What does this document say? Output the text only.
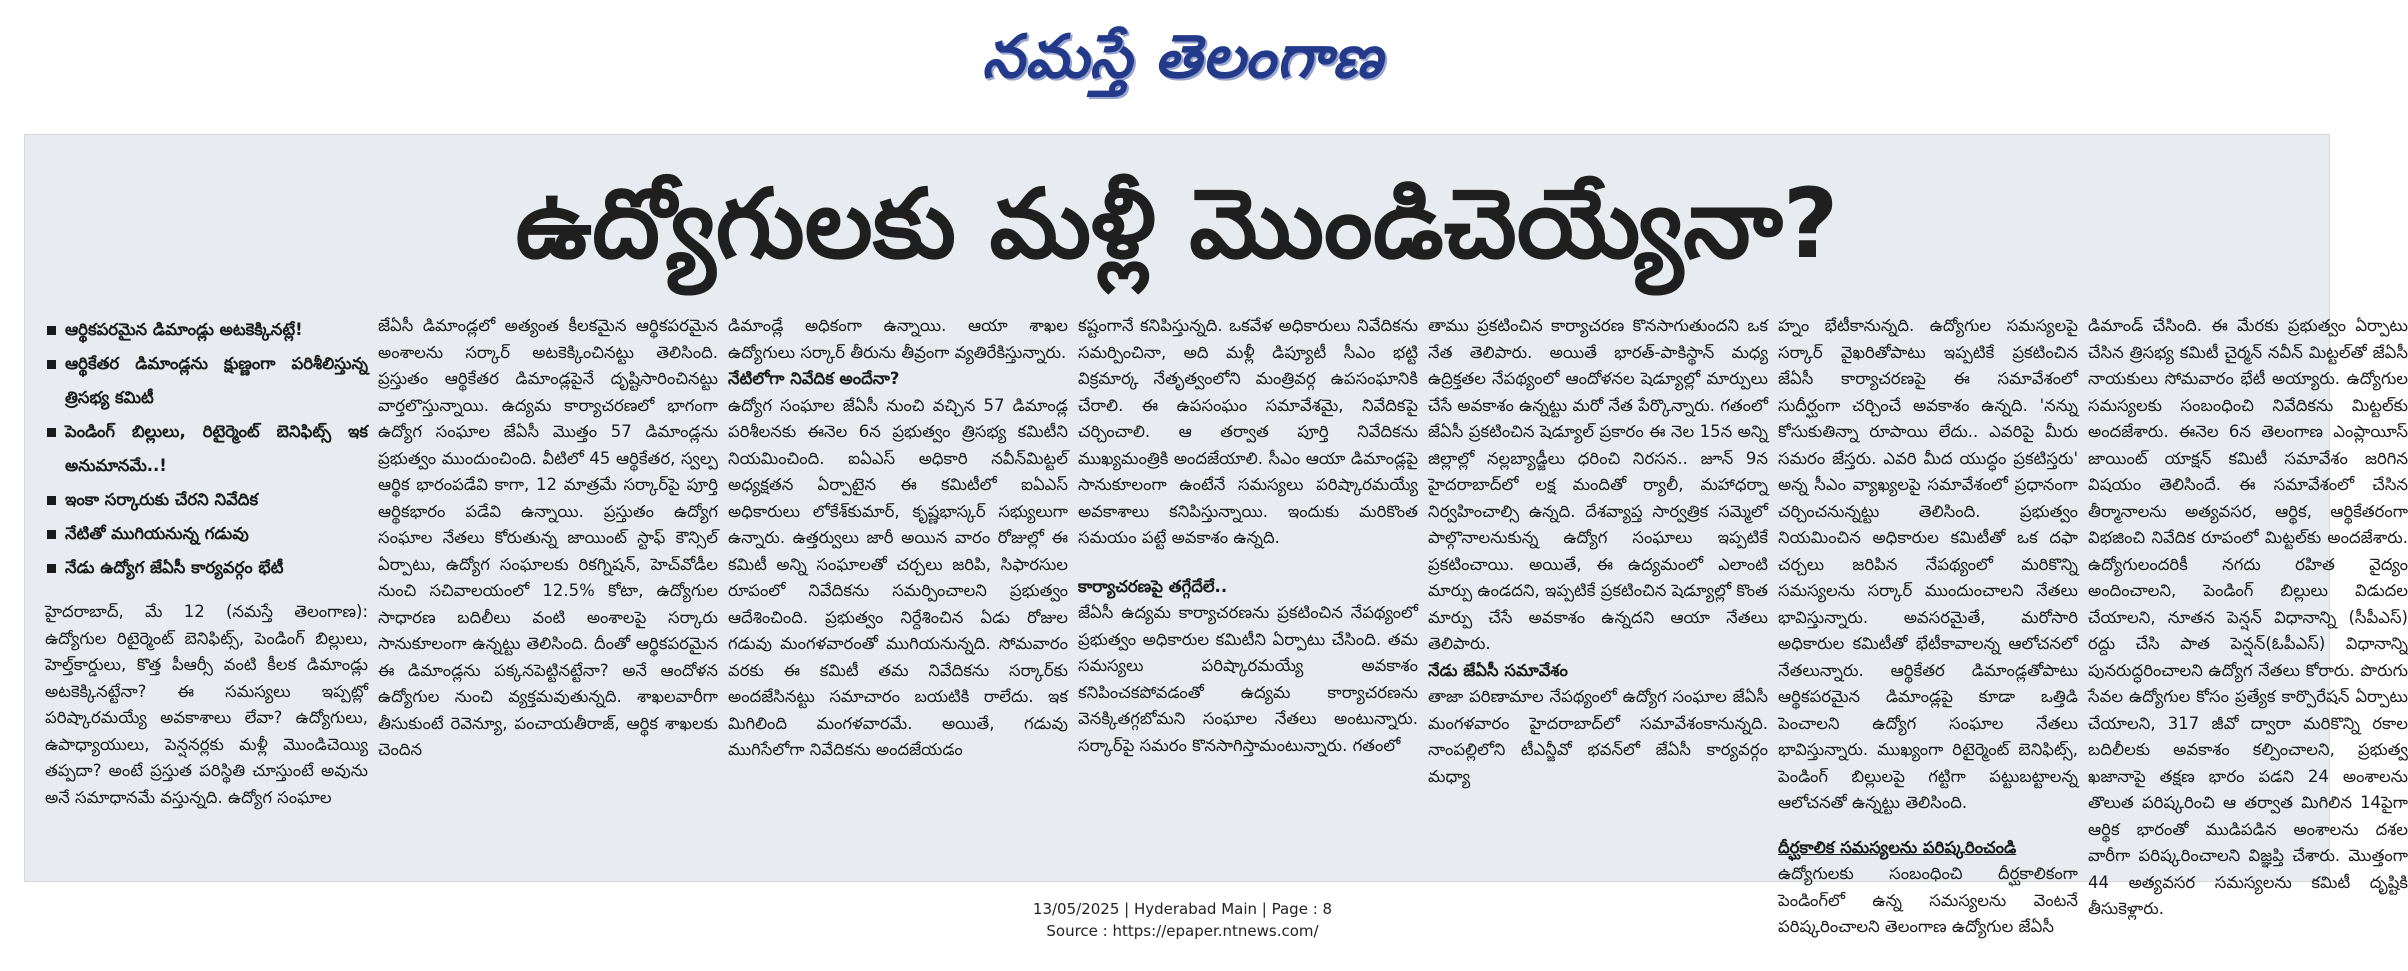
నమస్తే తెలంగాణ
ఉద్యోగులకు మళ్లీ మొండిచెయ్యేనా?
ఆర్థికపరమైన డిమాండ్లు అటకెక్కినట్లే!
ఆర్థికేతర డిమాండ్లను క్షుణ్ణంగా పరిశీలిస్తున్న త్రిసభ్య కమిటీ
పెండింగ్ బిల్లులు, రిటైర్మెంట్ బెనిఫిట్స్ ఇక అనుమానమే..!
ఇంకా సర్కారుకు చేరని నివేదిక
నేటితో ముగియనున్న గడువు
నేడు ఉద్యోగ జేఏసీ కార్యవర్గం భేటీ

హైదరాబాద్, మే 12 (నమస్తే తెలంగాణ): ఉద్యోగుల రిటైర్మెంట్ బెనిఫిట్స్, పెండింగ్ బిల్లులు, హెల్త్‌కార్డులు, కొత్త పీఆర్సీ వంటి కీలక డిమాండ్లు అటకెక్కినట్టేనా? ఈ సమస్యలు ఇప్పట్లో పరిష్కారమయ్యే అవకాశాలు లేవా? ఉద్యోగులు, ఉపాధ్యాయులు, పెన్షనర్లకు మళ్లీ మొండిచెయ్యి తప్పదా? అంటే ప్రస్తుత పరిస్థితి చూస్తుంటే అవును అనే సమాధానమే వస్తున్నది. ఉద్యోగ సంఘాల

జేఏసీ డిమాండ్లలో అత్యంత కీలకమైన ఆర్థికపరమైన అంశాలను సర్కార్ అటకెక్కించినట్టు తెలిసింది. ప్రస్తుతం ఆర్థికేతర డిమాండ్లపైనే దృష్టిసారించినట్టు వార్తలొస్తున్నాయి. ఉద్యమ కార్యాచరణలో భాగంగా ఉద్యోగ సంఘాల జేఏసీ మొత్తం 57 డిమాండ్లను ప్రభుత్వం ముందుంచింది. వీటిలో 45 ఆర్థికేతర, స్వల్ప ఆర్థిక భారంపడేవి కాగా, 12 మాత్రమే సర్కార్‌పై పూర్తి ఆర్థికభారం పడేవి ఉన్నాయి. ప్రస్తుతం ఉద్యోగ సంఘాల నేతలు కోరుతున్న జాయింట్ స్టాఫ్ కౌన్సిల్ ఏర్పాటు, ఉద్యోగ సంఘాలకు రికగ్నిషన్, హెచ్‌వోడీల నుంచి సచివాలయంలో 12.5% కోటా, ఉద్యోగుల సాధారణ బదిలీలు వంటి అంశాలపై సర్కారు సానుకూలంగా ఉన్నట్టు తెలిసింది. దీంతో ఆర్థికపరమైన ఈ డిమాండ్లను పక్కనపెట్టినట్టేనా? అనే ఆందోళన ఉద్యోగుల నుంచి వ్యక్తమవుతున్నది. శాఖలవారీగా తీసుకుంటే రెవెన్యూ, పంచాయతీరాజ్, ఆర్థిక శాఖలకు చెందిన

డిమాండ్లే అధికంగా ఉన్నాయి. ఆయా శాఖల ఉద్యోగులు సర్కార్ తీరును తీవ్రంగా వ్యతిరేకిస్తున్నారు.

నేటిలోగా నివేదిక అందేనా?

ఉద్యోగ సంఘాల జేఏసీ నుంచి వచ్చిన 57 డిమాండ్ల పరిశీలనకు ఈనెల 6న ప్రభుత్వం త్రిసభ్య కమిటీని నియమించింది. ఐఏఎస్ అధికారి నవీన్‌మిట్టల్ అధ్యక్షతన ఏర్పాటైన ఈ కమిటీలో ఐఏఎస్ అధికారులు లోకేశ్‌కుమార్, కృష్ణభాస్కర్ సభ్యులుగా ఉన్నారు. ఉత్తర్వులు జారీ అయిన వారం రోజుల్లో ఈ కమిటీ అన్ని సంఘాలతో చర్చలు జరిపి, సిఫారసుల రూపంలో నివేదికను సమర్పించాలని ప్రభుత్వం ఆదేశించింది. ప్రభుత్వం నిర్దేశించిన ఏడు రోజుల గడువు మంగళవారంతో ముగియనున్నది. సోమవారం వరకు ఈ కమిటీ తమ నివేదికను సర్కార్‌కు అందజేసినట్టు సమాచారం బయటికి రాలేదు. ఇక మిగిలింది మంగళవారమే. అయితే, గడువు ముగిసేలోగా నివేదికను అందజేయడం

కష్టంగానే కనిపిస్తున్నది. ఒకవేళ అధికారులు నివేదికను సమర్పించినా, అది మళ్లీ డిప్యూటీ సీఎం భట్టి విక్రమార్క నేతృత్వంలోని మంత్రివర్గ ఉపసంఘానికి చేరాలి. ఈ ఉపసంఘం సమావేశమై, నివేదికపై చర్చించాలి. ఆ తర్వాత పూర్తి నివేదికను ముఖ్యమంత్రికి అందజేయాలి. సీఎం ఆయా డిమాండ్లపై సానుకూలంగా ఉంటేనే సమస్యలు పరిష్కారమయ్యే అవకాశాలు కనిపిస్తున్నాయి. ఇందుకు మరికొంత సమయం పట్టే అవకాశం ఉన్నది.

కార్యాచరణపై తగ్గేదేలే..

జేఏసీ ఉద్యమ కార్యాచరణను ప్రకటించిన నేపథ్యంలో ప్రభుత్వం అధికారుల కమిటీని ఏర్పాటు చేసింది. తమ సమస్యలు పరిష్కారమయ్యే అవకాశం కనిపించకపోవడంతో ఉద్యమ కార్యాచరణను వెనక్కితగ్గబోమని సంఘాల నేతలు అంటున్నారు. సర్కార్‌పై సమరం కొనసాగిస్తామంటున్నారు. గతంలో

తాము ప్రకటించిన కార్యాచరణ కొనసాగుతుందని ఒక నేత తెలిపారు. అయితే భారత్-పాకిస్థాన్ మధ్య ఉద్రిక్తతల నేపథ్యంలో ఆందోళనల షెడ్యూల్లో మార్పులు చేసే అవకాశం ఉన్నట్టు మరో నేత పేర్కొన్నారు. గతంలో జేఏసీ ప్రకటించిన షెడ్యూల్ ప్రకారం ఈ నెల 15న అన్ని జిల్లాల్లో నల్లబ్యాడ్జీలు ధరించి నిరసన.. జూన్ 9న హైదరాబాద్‌లో లక్ష మందితో ర్యాలీ, మహాధర్నా నిర్వహించాల్సి ఉన్నది. దేశవ్యాప్త సార్వత్రిక సమ్మెలో పాల్గొనాలనుకున్న ఉద్యోగ సంఘాలు ఇప్పటికే ప్రకటించాయి. అయితే, ఈ ఉద్యమంలో ఎలాంటి మార్పు ఉండదని, ఇప్పటికే ప్రకటించిన షెడ్యూల్లో కొంత మార్పు చేసే అవకాశం ఉన్నదని ఆయా నేతలు తెలిపారు.

నేడు జేఏసీ సమావేశం

తాజా పరిణామాల నేపథ్యంలో ఉద్యోగ సంఘాల జేఏసీ మంగళవారం హైదరాబాద్‌లో సమావేశంకానున్నది. నాంపల్లిలోని టీఎన్జీవో భవన్‌లో జేఏసీ కార్యవర్గం మధ్యా

హ్నం భేటీకానున్నది. ఉద్యోగుల సమస్యలపై సర్కార్ వైఖరితోపాటు ఇప్పటికే ప్రకటించిన జేఏసీ కార్యాచరణపై ఈ సమావేశంలో సుదీర్ఘంగా చర్చించే అవకాశం ఉన్నది. 'నన్ను కోసుకుతిన్నా రూపాయి లేదు.. ఎవరిపై మీరు సమరం జేస్తరు. ఎవరి మీద యుద్ధం ప్రకటిస్తరు' అన్న సీఎం వ్యాఖ్యలపై సమావేశంలో ప్రధానంగా చర్చించనున్నట్టు తెలిసింది. ప్రభుత్వం నియమించిన అధికారుల కమిటీతో ఒక దఫా చర్చలు జరిపిన నేపథ్యంలో మరికొన్ని సమస్యలను సర్కార్ ముందుంచాలని నేతలు భావిస్తున్నారు. అవసరమైతే, మరోసారి అధికారుల కమిటీతో భేటీకావాలన్న ఆలోచనలో నేతలున్నారు. ఆర్థికేతర డిమాండ్లతోపాటు ఆర్థికపరమైన డిమాండ్లపై కూడా ఒత్తిడి పెంచాలని ఉద్యోగ సంఘాల నేతలు భావిస్తున్నారు. ముఖ్యంగా రిటైర్మెంట్ బెనిఫిట్స్, పెండింగ్ బిల్లులపై గట్టిగా పట్టుబట్టాలన్న ఆలోచనతో ఉన్నట్టు తెలిసింది.

దీర్ఘకాలిక సమస్యలను పరిష్కరించండి

ఉద్యోగులకు సంబంధించి దీర్ఘకాలికంగా పెండింగ్‌లో ఉన్న సమస్యలను వెంటనే పరిష్కరించాలని తెలంగాణ ఉద్యోగుల జేఏసీ

డిమాండ్ చేసింది. ఈ మేరకు ప్రభుత్వం ఏర్పాటు చేసిన త్రిసభ్య కమిటీ చైర్మన్ నవీన్ మిట్టల్‌తో జేఏసీ నాయకులు సోమవారం భేటీ అయ్యారు. ఉద్యోగుల సమస్యలకు సంబంధించి నివేదికను మిట్టల్‌కు అందజేశారు. ఈనెల 6న తెలంగాణ ఎంప్లాయీస్ జాయింట్ యాక్షన్ కమిటీ సమావేశం జరిగిన విషయం తెలిసిందే. ఈ సమావేశంలో చేసిన తీర్మానాలను అత్యవసర, ఆర్థిక, ఆర్థికేతరంగా విభజించి నివేదిక రూపంలో మిట్టల్‌కు అందజేశారు. ఉద్యోగులందరికీ నగదు రహిత వైద్యం అందించాలని, పెండింగ్ బిల్లులు విడుదల చేయాలని, నూతన పెన్షన్ విధానాన్ని (సీపీఎస్) రద్దు చేసి పాత పెన్షన్(ఓపీఎస్) విధానాన్ని పునరుద్ధరించాలని ఉద్యోగ నేతలు కోరారు. పొరుగు సేవల ఉద్యోగుల కోసం ప్రత్యేక కార్పొరేషన్ ఏర్పాటు చేయాలని, 317 జీవో ద్వారా మరికొన్ని రకాల బదిలీలకు అవకాశం కల్పించాలని, ప్రభుత్వ ఖజానాపై తక్షణ భారం పడని 24 అంశాలను తొలుత పరిష్కరించి ఆ తర్వాత మిగిలిన 14పైగా ఆర్థిక భారంతో ముడిపడిన అంశాలను దశల వారీగా పరిష్కరించాలని విజ్ఞప్తి చేశారు. మొత్తంగా 44 అత్యవసర సమస్యలను కమిటీ దృష్టికి తీసుకెళ్లారు.

13/05/2025 | Hyderabad Main | Page : 8
Source : https://epaper.ntnews.com/
